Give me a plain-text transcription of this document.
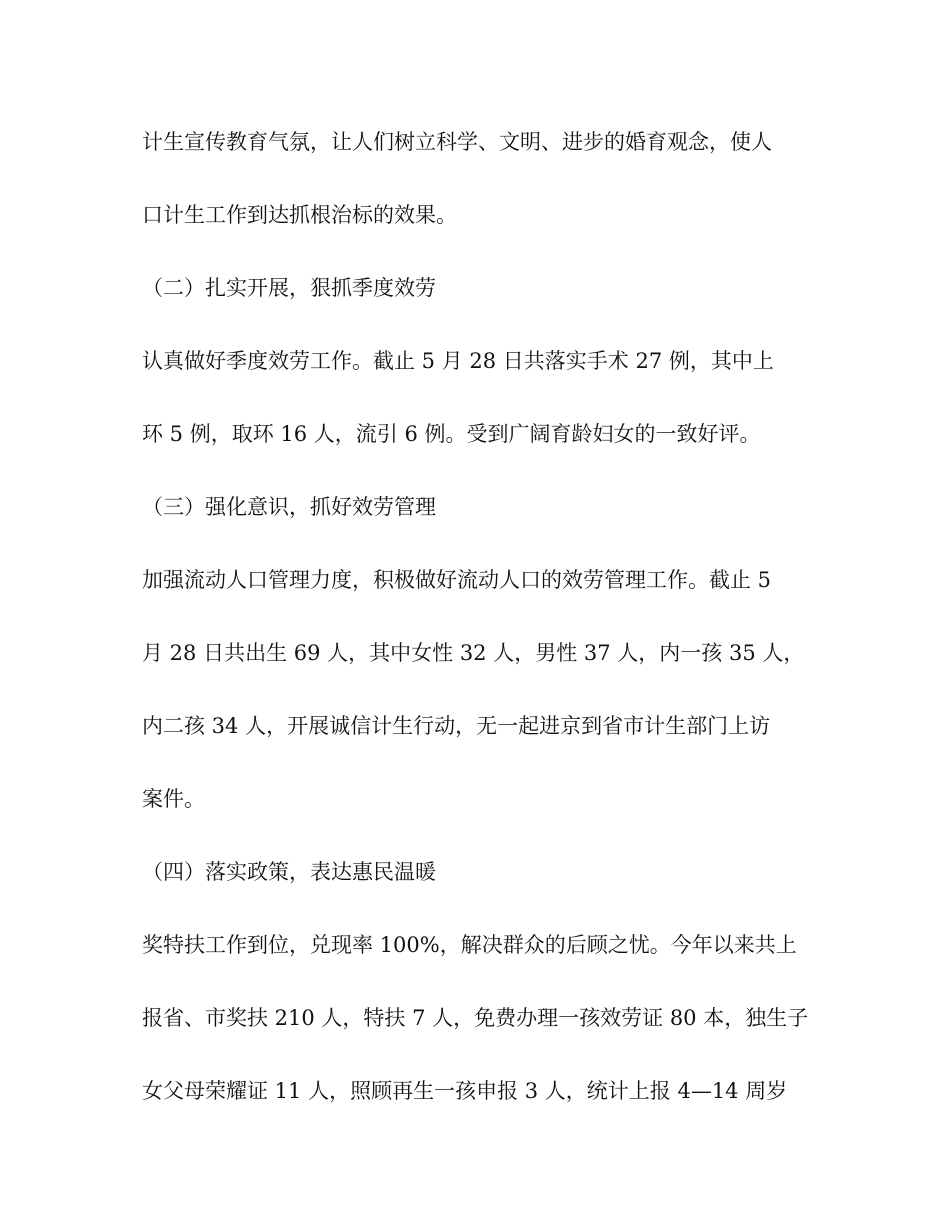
计生宣传教育气氛，让人们树立科学、文明、进步的婚育观念，使人
口计生工作到达抓根治标的效果。
（二）扎实开展，狠抓季度效劳
认真做好季度效劳工作。截止 5 月 28 日共落实手术 27 例，其中上
环 5 例，取环 16 人，流引 6 例。受到广阔育龄妇女的一致好评。
（三）强化意识，抓好效劳管理
加强流动人口管理力度，积极做好流动人口的效劳管理工作。截止 5
月 28 日共出生 69 人，其中女性 32 人，男性 37 人，内一孩 35 人，
内二孩 34 人，开展诚信计生行动，无一起进京到省市计生部门上访
案件。
（四）落实政策，表达惠民温暖
奖特扶工作到位，兑现率 100%，解决群众的后顾之忧。今年以来共上
报省、市奖扶 210 人，特扶 7 人，免费办理一孩效劳证 80 本，独生子
女父母荣耀证 11 人，照顾再生一孩申报 3 人，统计上报 4—14 周岁
